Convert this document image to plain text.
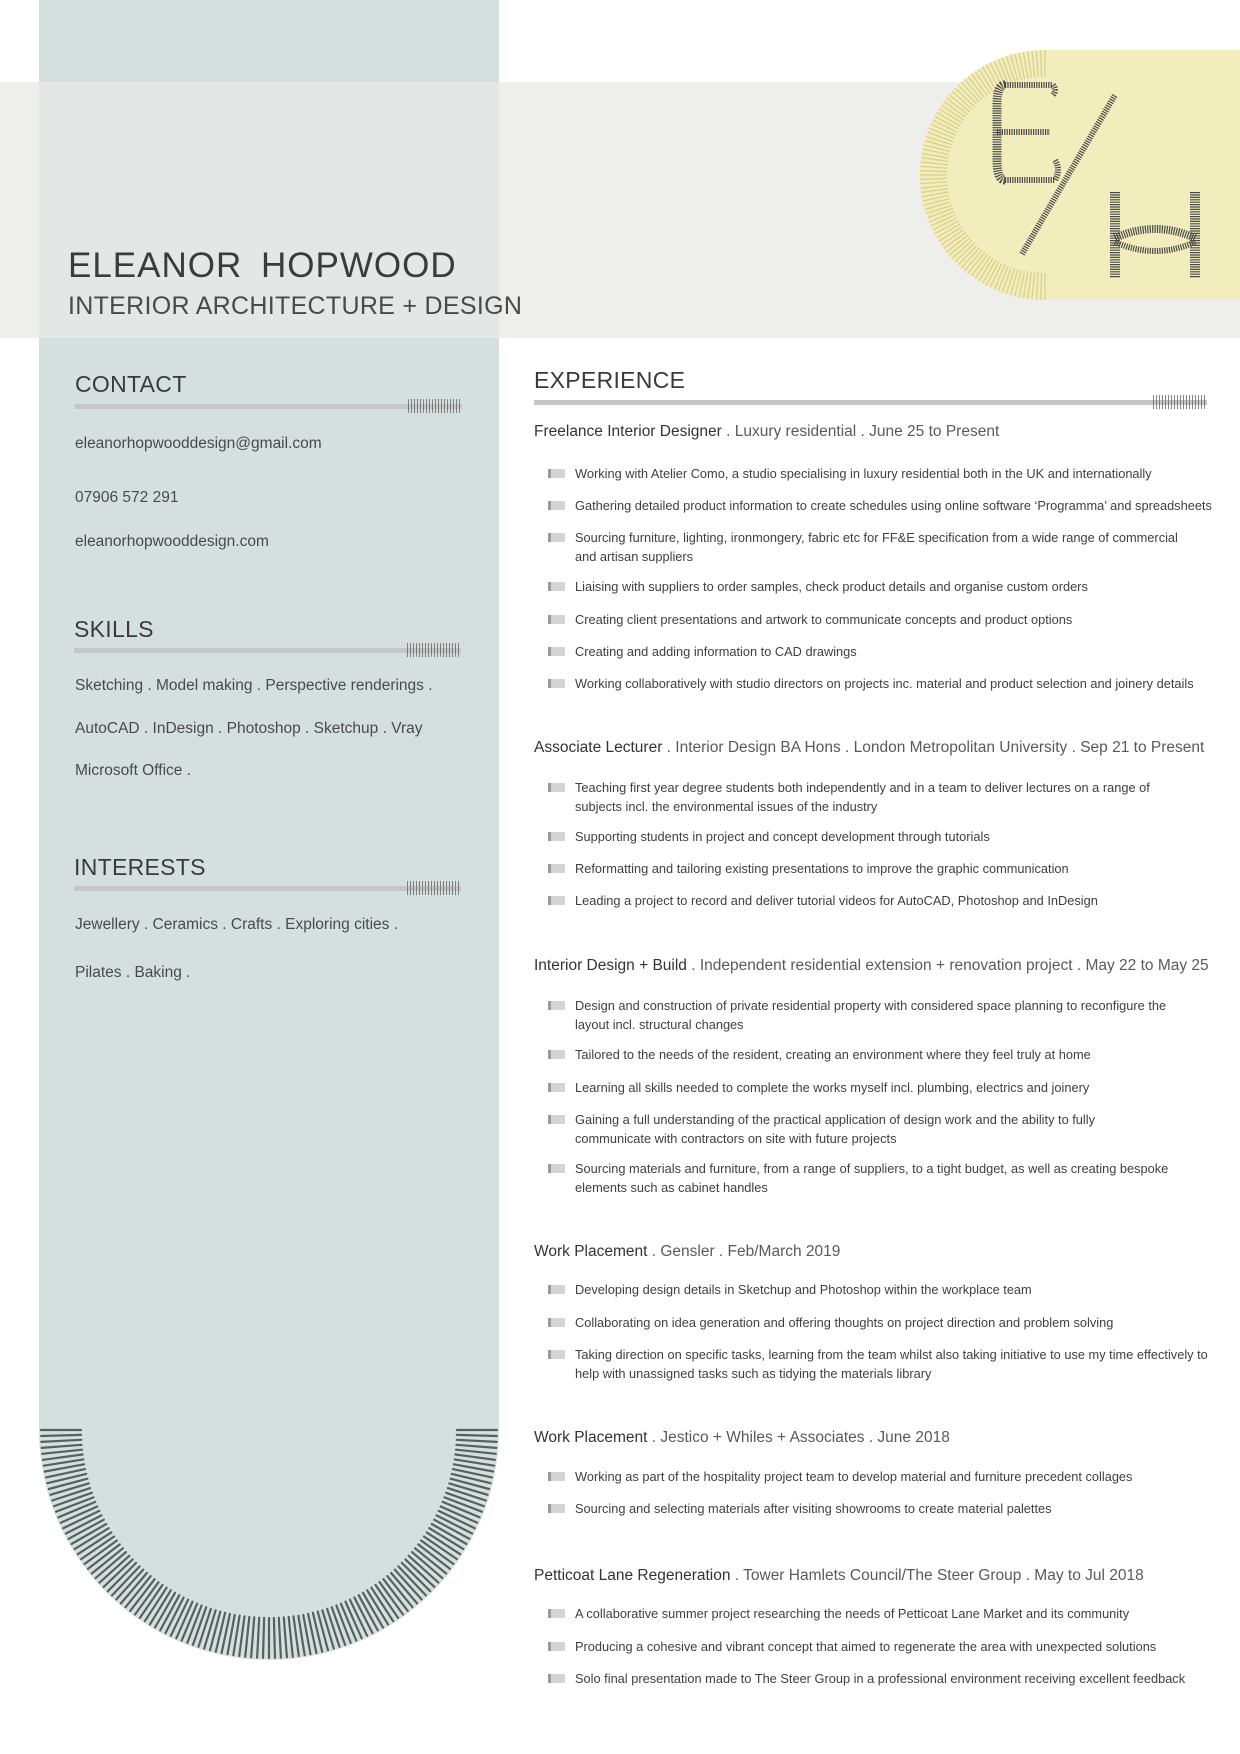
ELEANOR HOPWOOD
INTERIOR ARCHITECTURE + DESIGN
CONTACT
eleanorhopwooddesign@gmail.com
07906 572 291
eleanorhopwooddesign.com
SKILLS
Sketching . Model making . Perspective renderings .
AutoCAD . InDesign . Photoshop . Sketchup . Vray
Microsoft Office .
INTERESTS
Jewellery . Ceramics . Crafts . Exploring cities .
Pilates . Baking .
EXPERIENCE
Freelance Interior Designer . Luxury residential . June 25 to Present
Working with Atelier Como, a studio specialising in luxury residential both in the UK and internationally
Gathering detailed product information to create schedules using online software ‘Programma’ and spreadsheets
Sourcing furniture, lighting, ironmongery, fabric etc for FF&E specification from a wide range of commercial and artisan suppliers
Liaising with suppliers to order samples, check product details and organise custom orders
Creating client presentations and artwork to communicate concepts and product options
Creating and adding information to CAD drawings
Working collaboratively with studio directors on projects inc. material and product selection and joinery details
Associate Lecturer . Interior Design BA Hons . London Metropolitan University . Sep 21 to Present
Teaching first year degree students both independently and in a team to deliver lectures on a range of subjects incl. the environmental issues of the industry
Supporting students in project and concept development through tutorials
Reformatting and tailoring existing presentations to improve the graphic communication
Leading a project to record and deliver tutorial videos for AutoCAD, Photoshop and InDesign
Interior Design + Build . Independent residential extension + renovation project . May 22 to May 25
Design and construction of private residential property with considered space planning to reconfigure the layout incl. structural changes
Tailored to the needs of the resident, creating an environment where they feel truly at home
Learning all skills needed to complete the works myself incl. plumbing, electrics and joinery
Gaining a full understanding of the practical application of design work and the ability to fully communicate with contractors on site with future projects
Sourcing materials and furniture, from a range of suppliers, to a tight budget, as well as creating bespoke elements such as cabinet handles
Work Placement . Gensler . Feb/March 2019
Developing design details in Sketchup and Photoshop within the workplace team
Collaborating on idea generation and offering thoughts on project direction and problem solving
Taking direction on specific tasks, learning from the team whilst also taking initiative to use my time effectively to help with unassigned tasks such as tidying the materials library
Work Placement . Jestico + Whiles + Associates . June 2018
Working as part of the hospitality project team to develop material and furniture precedent collages
Sourcing and selecting materials after visiting showrooms to create material palettes
Petticoat Lane Regeneration . Tower Hamlets Council/The Steer Group . May to Jul 2018
A collaborative summer project researching the needs of Petticoat Lane Market and its community
Producing a cohesive and vibrant concept that aimed to regenerate the area with unexpected solutions
Solo final presentation made to The Steer Group in a professional environment receiving excellent feedback
